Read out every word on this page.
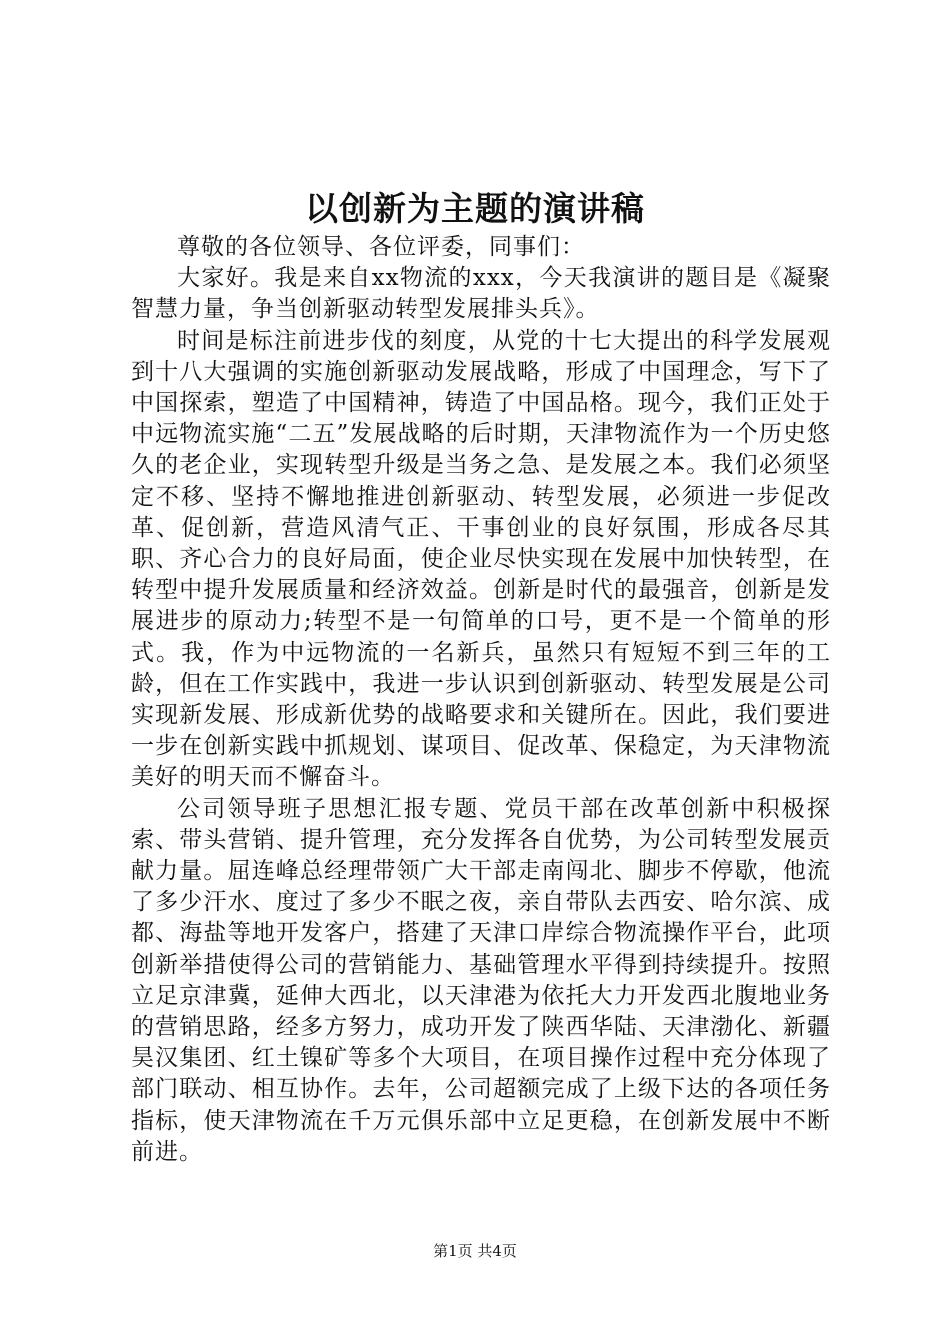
以创新为主题的演讲稿

尊敬的各位领导、各位评委，同事们：

大家好。我是来自xx物流的xxx，今天我演讲的题目是《凝聚智慧力量，争当创新驱动转型发展排头兵》。

时间是标注前进步伐的刻度，从党的十七大提出的科学发展观到十八大强调的实施创新驱动发展战略，形成了中国理念，写下了中国探索，塑造了中国精神，铸造了中国品格。现今，我们正处于中远物流实施“二五”发展战略的后时期，天津物流作为一个历史悠久的老企业，实现转型升级是当务之急、是发展之本。我们必须坚定不移、坚持不懈地推进创新驱动、转型发展，必须进一步促改革、促创新，营造风清气正、干事创业的良好氛围，形成各尽其职、齐心合力的良好局面，使企业尽快实现在发展中加快转型，在转型中提升发展质量和经济效益。创新是时代的最强音，创新是发展进步的原动力;转型不是一句简单的口号，更不是一个简单的形式。我，作为中远物流的一名新兵，虽然只有短短不到三年的工龄，但在工作实践中，我进一步认识到创新驱动、转型发展是公司实现新发展、形成新优势的战略要求和关键所在。因此，我们要进一步在创新实践中抓规划、谋项目、促改革、保稳定，为天津物流美好的明天而不懈奋斗。

公司领导班子思想汇报专题、党员干部在改革创新中积极探索、带头营销、提升管理，充分发挥各自优势，为公司转型发展贡献力量。屈连峰总经理带领广大干部走南闯北、脚步不停歇，他流了多少汗水、度过了多少不眠之夜，亲自带队去西安、哈尔滨、成都、海盐等地开发客户，搭建了天津口岸综合物流操作平台，此项创新举措使得公司的营销能力、基础管理水平得到持续提升。按照立足京津冀，延伸大西北，以天津港为依托大力开发西北腹地业务的营销思路，经多方努力，成功开发了陕西华陆、天津渤化、新疆昊汉集团、红土镍矿等多个大项目，在项目操作过程中充分体现了部门联动、相互协作。去年，公司超额完成了上级下达的各项任务指标，使天津物流在千万元俱乐部中立足更稳，在创新发展中不断前进。

第1页 共4页
